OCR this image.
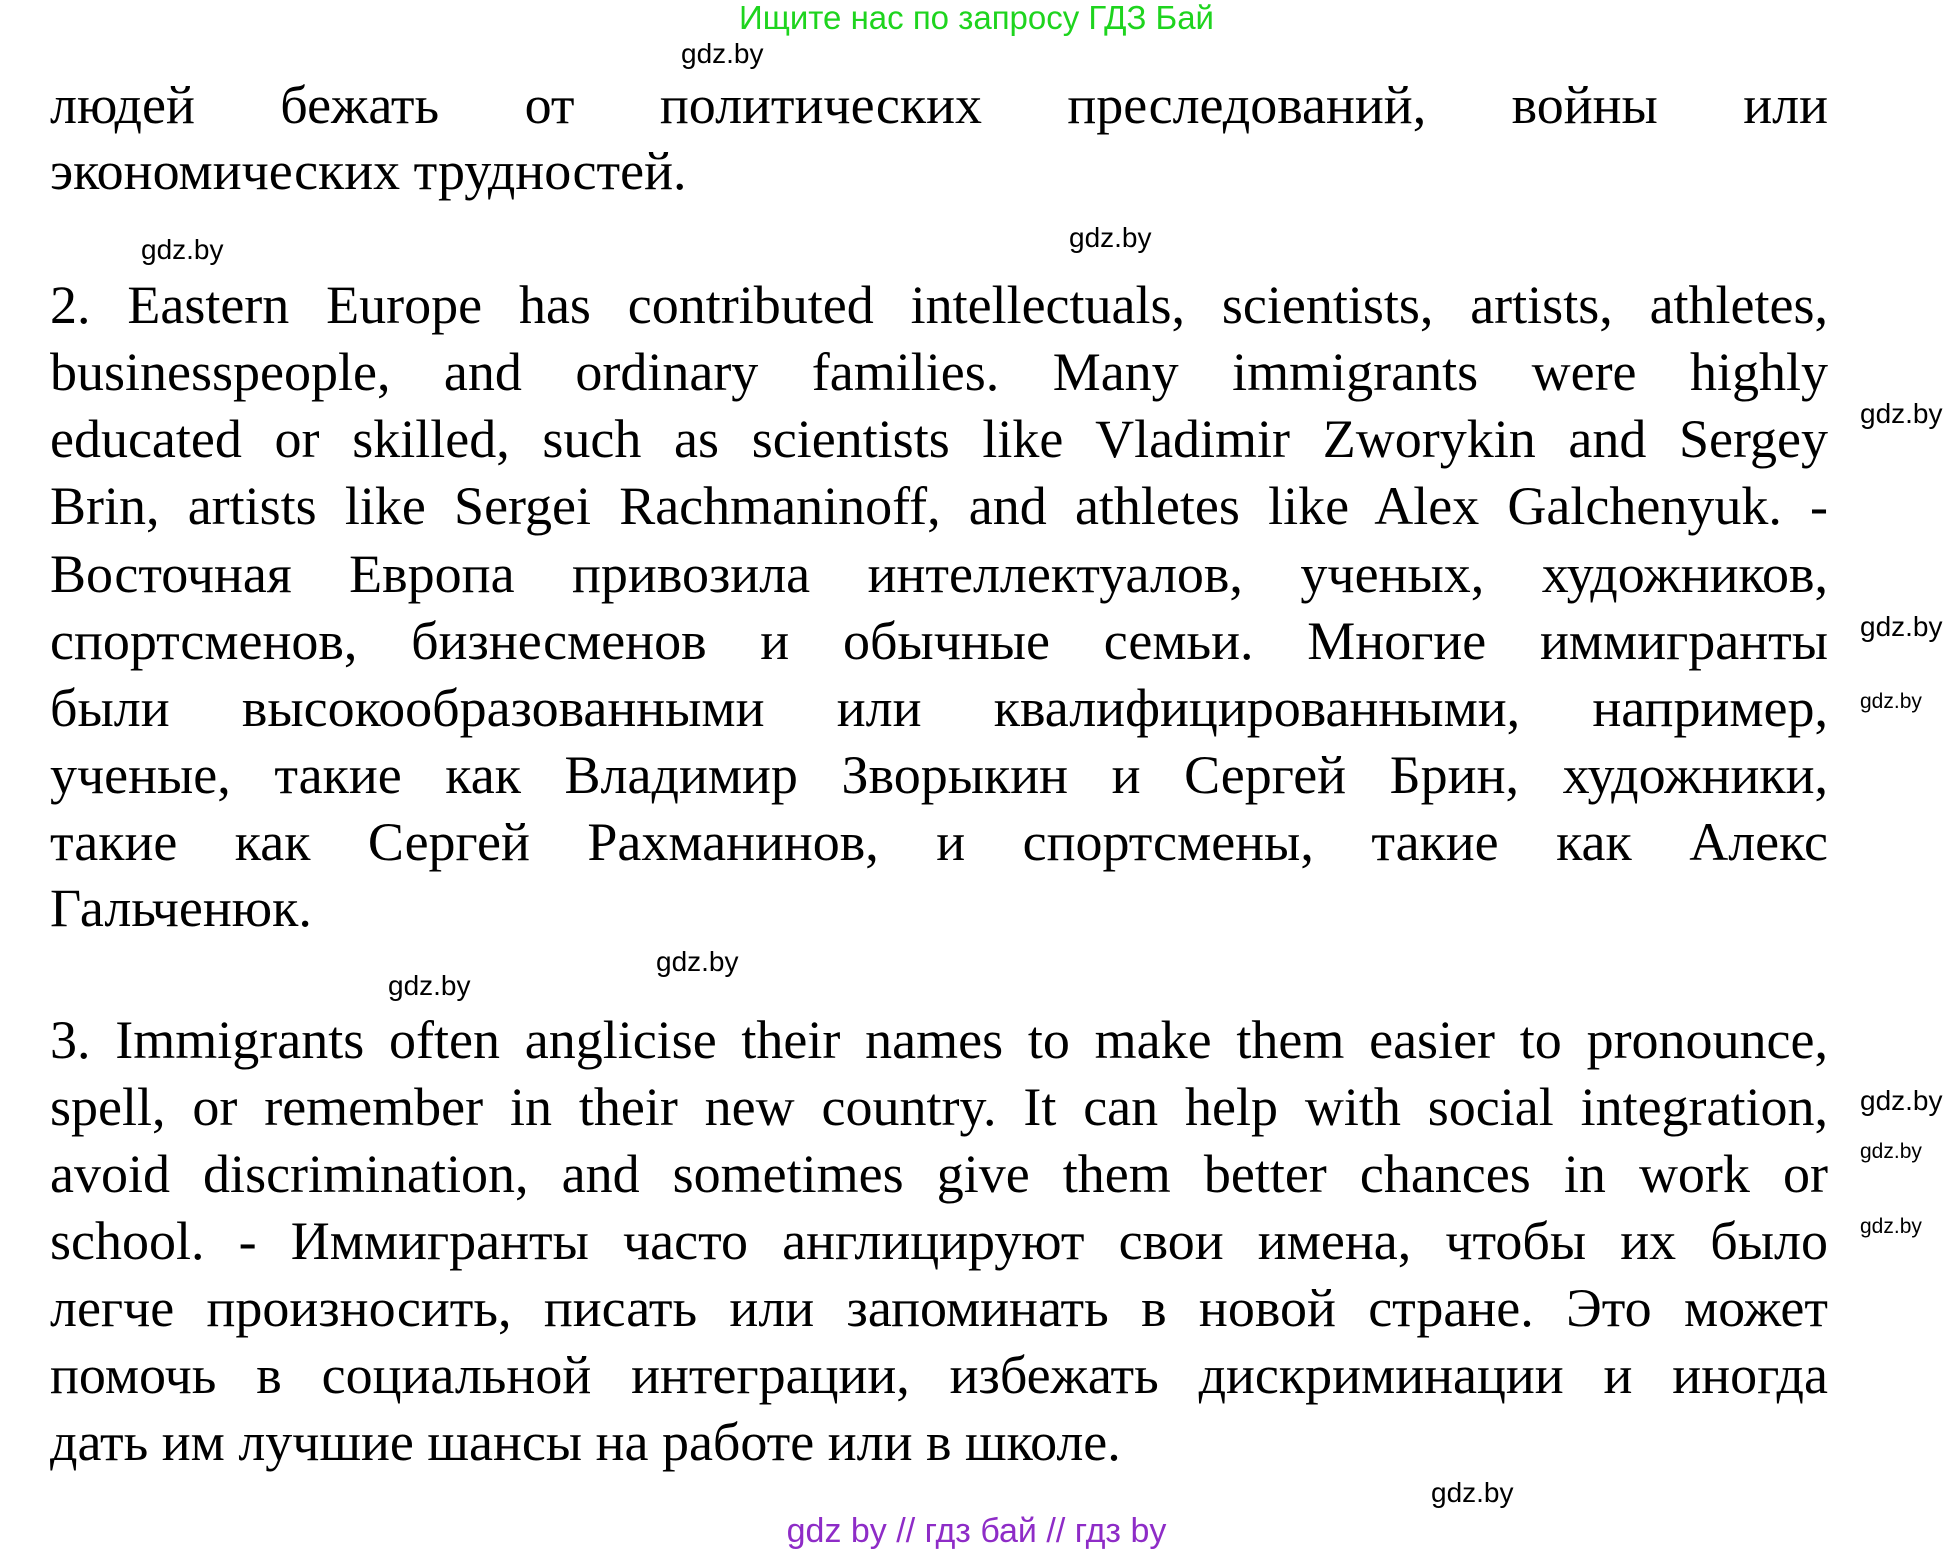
Ищите нас по запросу ГДЗ Бай
людей бежать от политических преследований, войны или
экономических трудностей.
2. Eastern Europe has contributed intellectuals, scientists, artists, athletes,
businesspeople, and ordinary families. Many immigrants were highly
educated or skilled, such as scientists like Vladimir Zworykin and Sergey
Brin, artists like Sergei Rachmaninoff, and athletes like Alex Galchenyuk. -
Восточная Европа привозила интеллектуалов, ученых, художников,
спортсменов, бизнесменов и обычные семьи. Многие иммигранты
были высокообразованными или квалифицированными, например,
ученые, такие как Владимир Зворыкин и Сергей Брин, художники,
такие как Сергей Рахманинов, и спортсмены, такие как Алекс
Гальченюк.
3. Immigrants often anglicise their names to make them easier to pronounce,
spell, or remember in their new country. It can help with social integration,
avoid discrimination, and sometimes give them better chances in work or
school. - Иммигранты часто англицируют свои имена, чтобы их было
легче произносить, писать или запоминать в новой стране. Это может
помочь в социальной интеграции, избежать дискриминации и иногда
дать им лучшие шансы на работе или в школе.
gdz.by
gdz.by
gdz.by
gdz.by
gdz.by
gdz.by
gdz.by
gdz.by
gdz.by
gdz.by
gdz.by
gdz.by
gdz by // гдз бай // гдз by
